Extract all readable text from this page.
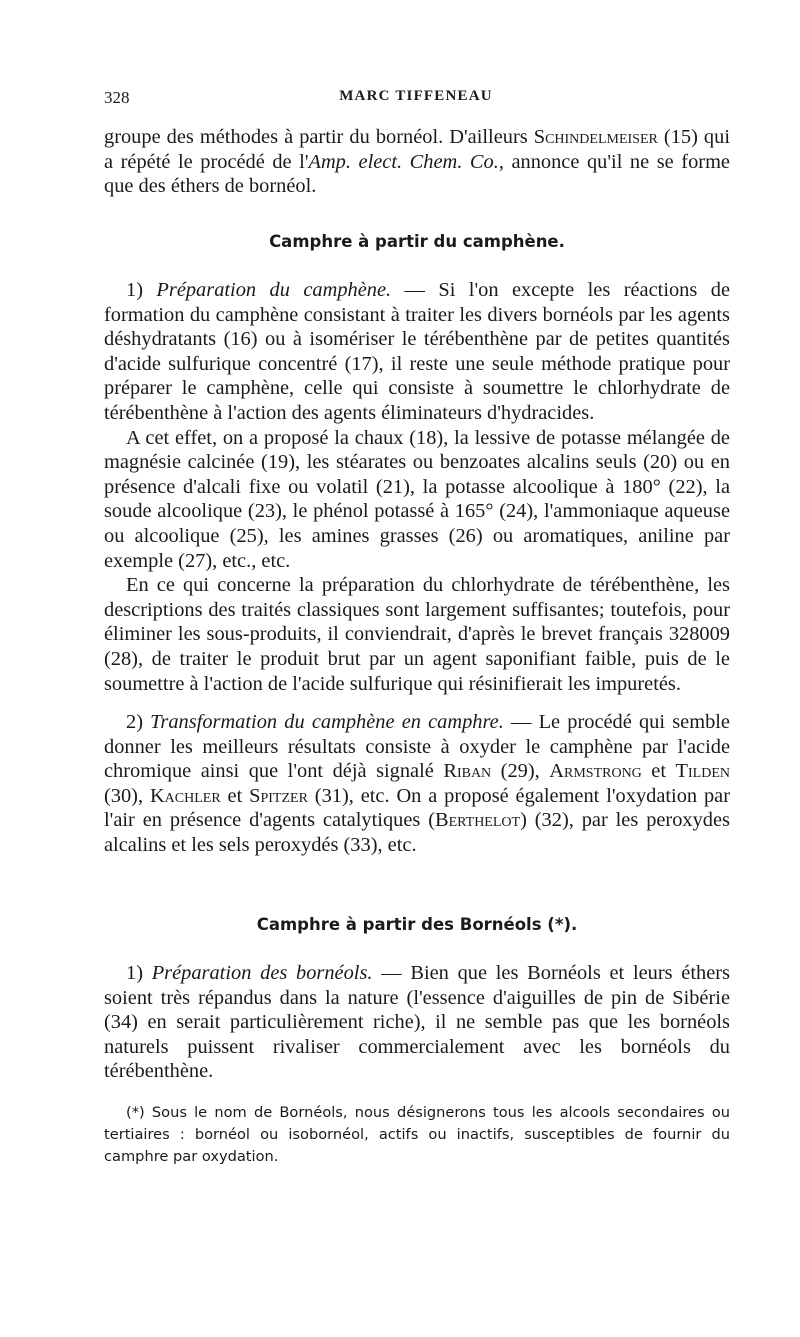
328	MARC TIFFENEAU

groupe des méthodes à partir du bornéol. D'ailleurs Schindelmeiser (15) qui a répété le procédé de l'Amp. elect. Chem. Co., annonce qu'il ne se forme que des éthers de bornéol.

Camphre à partir du camphène.

1) Préparation du camphène. — Si l'on excepte les réactions de formation du camphène consistant à traiter les divers bornéols par les agents déshydratants (16) ou à isomériser le térébenthène par de petites quantités d'acide sulfurique concentré (17), il reste une seule méthode pratique pour préparer le camphène, celle qui consiste à soumettre le chlorhydrate de térébenthène à l'action des agents éliminateurs d'hydracides.

A cet effet, on a proposé la chaux (18), la lessive de potasse mélangée de magnésie calcinée (19), les stéarates ou benzoates alcalins seuls (20) ou en présence d'alcali fixe ou volatil (21), la potasse alcoolique à 180° (22), la soude alcoolique (23), le phénol potassé à 165° (24), l'ammoniaque aqueuse ou alcoolique (25), les amines grasses (26) ou aromatiques, aniline par exemple (27), etc., etc.

En ce qui concerne la préparation du chlorhydrate de térébenthène, les descriptions des traités classiques sont largement suffisantes; toutefois, pour éliminer les sous-produits, il conviendrait, d'après le brevet français 328009 (28), de traiter le produit brut par un agent saponifiant faible, puis de le soumettre à l'action de l'acide sulfurique qui résinifierait les impuretés.

2) Transformation du camphène en camphre. — Le procédé qui semble donner les meilleurs résultats consiste à oxyder le camphène par l'acide chromique ainsi que l'ont déjà signalé Riban (29), Armstrong et Tilden (30), Kachler et Spitzer (31), etc. On a proposé également l'oxydation par l'air en présence d'agents catalytiques (Berthelot) (32), par les peroxydes alcalins et les sels peroxydés (33), etc.

Camphre à partir des Bornéols (*).

1) Préparation des bornéols. — Bien que les Bornéols et leurs éthers soient très répandus dans la nature (l'essence d'aiguilles de pin de Sibérie (34) en serait particulièrement riche), il ne semble pas que les bornéols naturels puissent rivaliser commercialement avec les bornéols du térébenthène.

(*) Sous le nom de Bornéols, nous désignerons tous les alcools secondaires ou tertiaires : bornéol ou isobornéol, actifs ou inactifs, susceptibles de fournir du camphre par oxydation.
